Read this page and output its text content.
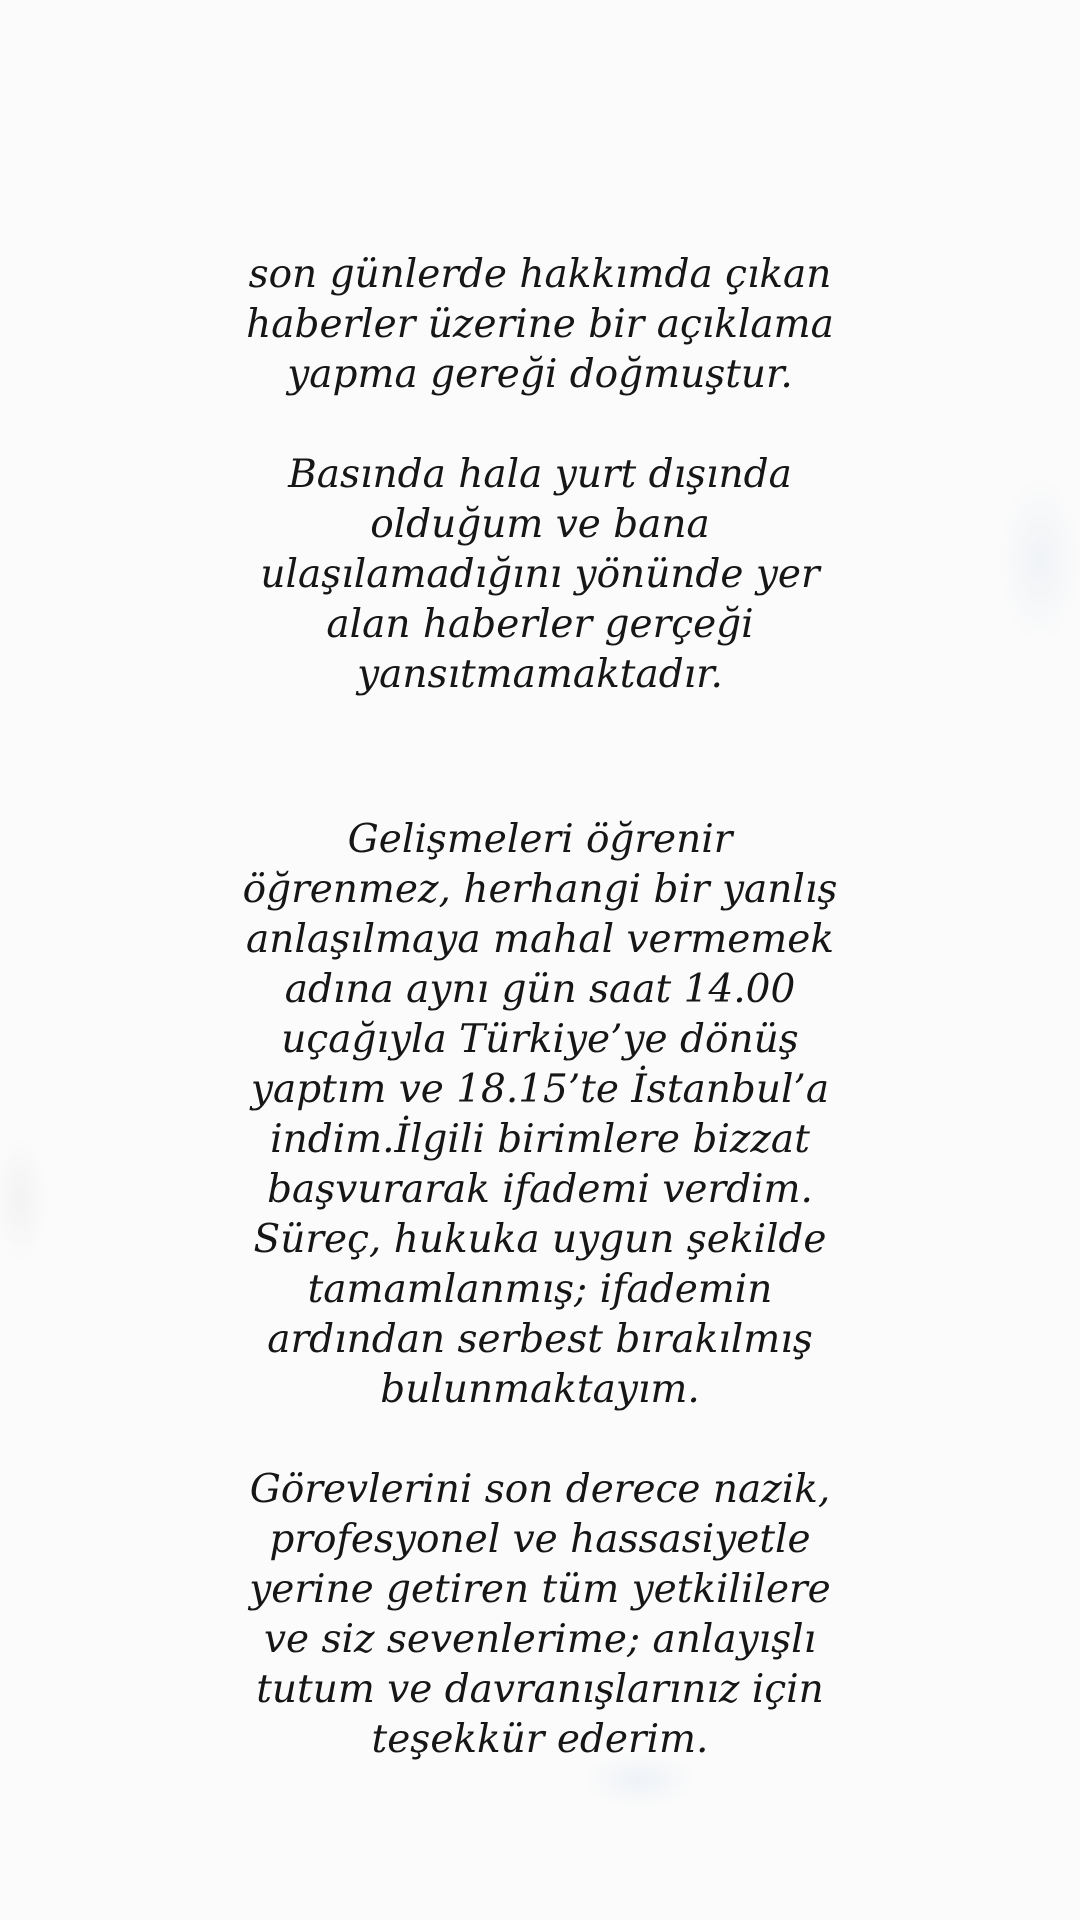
son günlerde hakkımda çıkan
haberler üzerine bir açıklama
yapma gereği doğmuştur.

Basında hala yurt dışında
olduğum ve bana
ulaşılamadığını yönünde yer
alan haberler gerçeği
yansıtmamaktadır.

Gelişmeleri öğrenir
öğrenmez, herhangi bir yanlış
anlaşılmaya mahal vermemek
adına aynı gün saat 14.00
uçağıyla Türkiye’ye dönüş
yaptım ve 18.15’te İstanbul’a
indim.İlgili birimlere bizzat
başvurarak ifademi verdim.
Süreç, hukuka uygun şekilde
tamamlanmış; ifademin
ardından serbest bırakılmış
bulunmaktayım.

Görevlerini son derece nazik,
profesyonel ve hassasiyetle
yerine getiren tüm yetkililere
ve siz sevenlerime; anlayışlı
tutum ve davranışlarınız için
teşekkür ederim.
